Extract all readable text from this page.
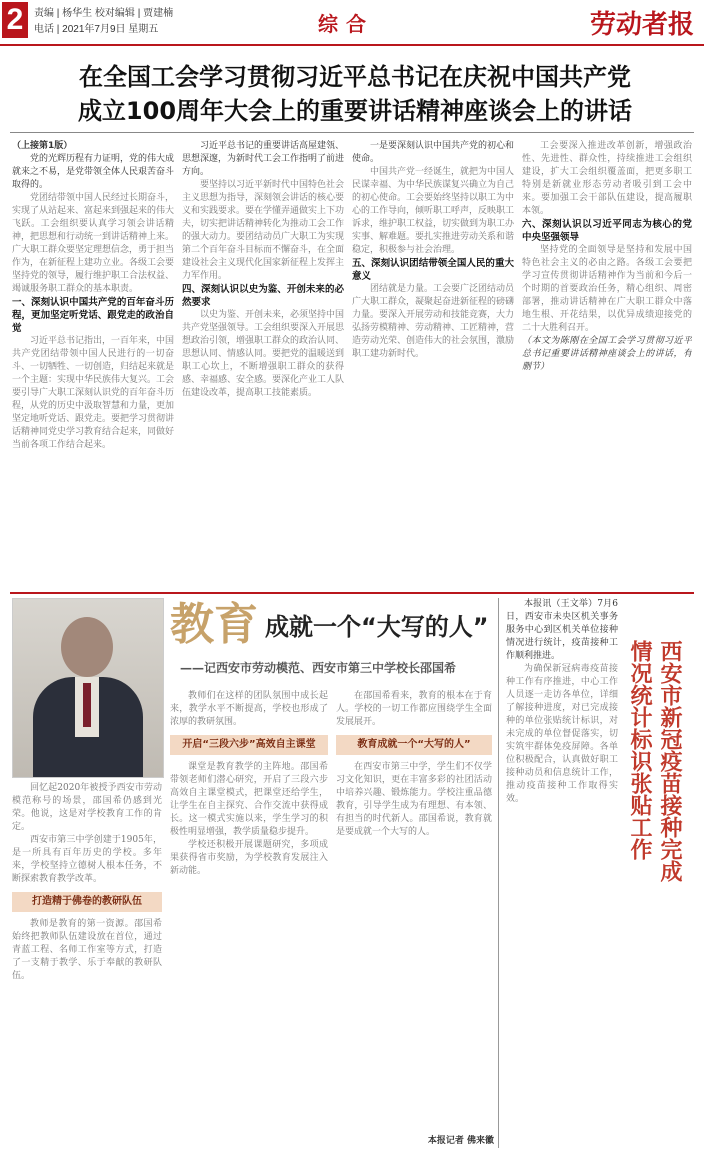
2	责编 | 杨华生 校对编辑 | 贾建楠
电话 | 2021年7月9日 星期五	综合	劳动者报
在全国工会学习贯彻习近平总书记在庆祝中国共产党
成立100周年大会上的重要讲话精神座谈会上的讲话

（上接第1版）

党的光辉历程有力证明，党的伟大成就来之不易，是党带领全体人民艰苦奋斗取得的。

党团结带领中国人民经过长期奋斗，实现了从站起来、富起来到强起来的伟大飞跃。工会组织要认真学习领会讲话精神，把思想和行动统一到讲话精神上来。广大职工群众要坚定理想信念，勇于担当作为，在新征程上建功立业。各级工会要坚持党的领导，履行维护职工合法权益、竭诚服务职工群众的基本职责。

一、深刻认识中国共产党的百年奋斗历程，更加坚定听党话、跟党走的政治自觉

习近平总书记指出，一百年来，中国共产党团结带领中国人民进行的一切奋斗、一切牺牲、一切创造，归结起来就是一个主题：实现中华民族伟大复兴。工会要引导广大职工深刻认识党的百年奋斗历程，从党的历史中汲取智慧和力量，更加坚定地听党话、跟党走。要把学习贯彻讲话精神同党史学习教育结合起来，同做好当前各项工作结合起来。

习近平总书记的重要讲话高屋建瓴、思想深邃，为新时代工会工作指明了前进方向。

要坚持以习近平新时代中国特色社会主义思想为指导，深刻领会讲话的核心要义和实践要求。要在学懂弄通做实上下功夫，切实把讲话精神转化为推动工会工作的强大动力。要团结动员广大职工为实现第二个百年奋斗目标而不懈奋斗，在全面建设社会主义现代化国家新征程上发挥主力军作用。

四、深刻认识以史为鉴、开创未来的必然要求

以史为鉴、开创未来，必须坚持中国共产党坚强领导。工会组织要深入开展思想政治引领，增强职工群众的政治认同、思想认同、情感认同。要把党的温暖送到职工心坎上，不断增强职工群众的获得感、幸福感、安全感。要深化产业工人队伍建设改革，提高职工技能素质。

一是要深刻认识中国共产党的初心和使命。

中国共产党一经诞生，就把为中国人民谋幸福、为中华民族谋复兴确立为自己的初心使命。工会要始终坚持以职工为中心的工作导向，倾听职工呼声，反映职工诉求，维护职工权益，切实做到为职工办实事、解难题。要扎实推进劳动关系和谐稳定，积极参与社会治理。

五、深刻认识团结带领全国人民的重大意义

团结就是力量。工会要广泛团结动员广大职工群众，凝聚起奋进新征程的磅礴力量。要深入开展劳动和技能竞赛，大力弘扬劳模精神、劳动精神、工匠精神，营造劳动光荣、创造伟大的社会氛围，激励职工建功新时代。

工会要深入推进改革创新，增强政治性、先进性、群众性，持续推进工会组织建设，扩大工会组织覆盖面，把更多职工特别是新就业形态劳动者吸引到工会中来。要加强工会干部队伍建设，提高履职本领。

六、深刻认识以习近平同志为核心的党中央坚强领导

坚持党的全面领导是坚持和发展中国特色社会主义的必由之路。各级工会要把学习宣传贯彻讲话精神作为当前和今后一个时期的首要政治任务，精心组织、周密部署，推动讲话精神在广大职工群众中落地生根、开花结果，以优异成绩迎接党的二十大胜利召开。

（本文为陈刚在全国工会学习贯彻习近平总书记重要讲话精神座谈会上的讲话，有删节）

教育 成就一个“大写的人”
——记西安市劳动模范、西安市第三中学校长邵国希

回忆起2020年被授予西安市劳动模范称号的场景，邵国希仍感到光荣。他说，这是对学校教育工作的肯定。

西安市第三中学创建于1905年，是一所具有百年历史的学校。多年来，学校坚持立德树人根本任务，不断探索教育教学改革。

打造精于佛卷的教研队伍

教师是教育的第一资源。邵国希始终把教师队伍建设放在首位，通过青蓝工程、名师工作室等方式，打造了一支精于教学、乐于奉献的教研队伍。

教师们在这样的团队氛围中成长起来，教学水平不断提高，学校也形成了浓厚的教研氛围。

开启“三段六步”高效自主课堂

课堂是教育教学的主阵地。邵国希带领老师们潜心研究，开启了三段六步高效自主课堂模式，把课堂还给学生，让学生在自主探究、合作交流中获得成长。这一模式实施以来，学生学习的积极性明显增强，教学质量稳步提升。

学校还积极开展课题研究，多项成果获得省市奖励，为学校教育发展注入新动能。

在邵国希看来，教育的根本在于育人。学校的一切工作都应围绕学生全面发展展开。

教育成就一个“大写的人”

在西安市第三中学，学生们不仅学习文化知识，更在丰富多彩的社团活动中培养兴趣、锻炼能力。学校注重品德教育，引导学生成为有理想、有本领、有担当的时代新人。邵国希说，教育就是要成就一个大写的人。

本报记者 佛来徽

本报讯（王文举）7月6日，西安市未央区机关事务服务中心到区机关单位接种情况进行统计，疫苗接种工作顺利推进。

为确保新冠病毒疫苗接种工作有序推进，中心工作人员逐一走访各单位，详细了解接种进度，对已完成接种的单位张贴统计标识，对未完成的单位督促落实，切实筑牢群体免疫屏障。各单位积极配合，认真做好职工接种动员和信息统计工作，推动疫苗接种工作取得实效。	西安市新冠疫苗接种完成
情况统计标识张贴工作
